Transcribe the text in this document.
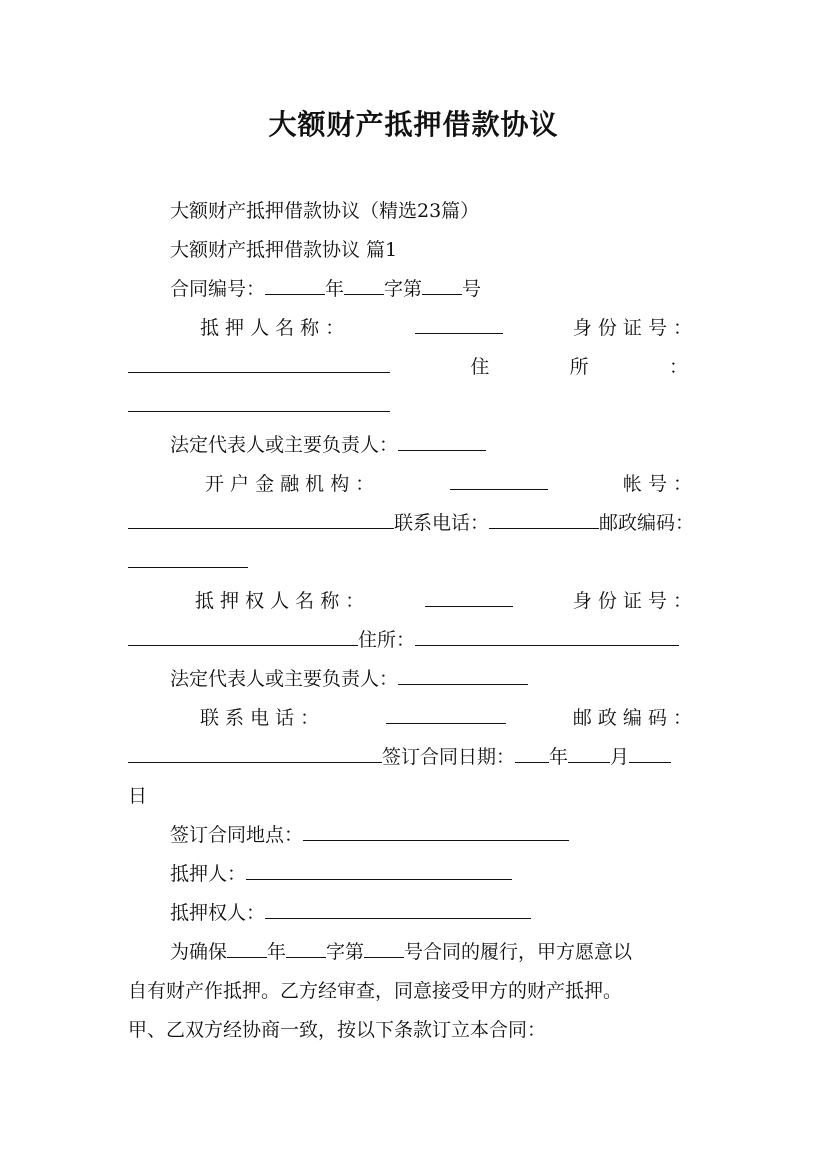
大额财产抵押借款协议
大额财产抵押借款协议（精选23篇）
大额财产抵押借款协议 篇1
合同编号：	年 字第 号
抵 押 人 名 称 ：	身 份 证 号 ：
住	所	：
法定代表人或主要负责人：
开 户 金 融 机 构 ：	帐 号 ：
联系电话：	邮政编码：
抵 押 权 人 名 称 ：	身 份 证 号 ：
住所：
法定代表人或主要负责人：
联 系 电 话 ：	邮 政 编 码 ：
签订合同日期： 年 月
日
签订合同地点：
抵押人：
抵押权人：
为确保 年 字第 号合同的履行，甲方愿意以
自有财产作抵押。乙方经审查，同意接受甲方的财产抵押。
甲、乙双方经协商一致，按以下条款订立本合同：
